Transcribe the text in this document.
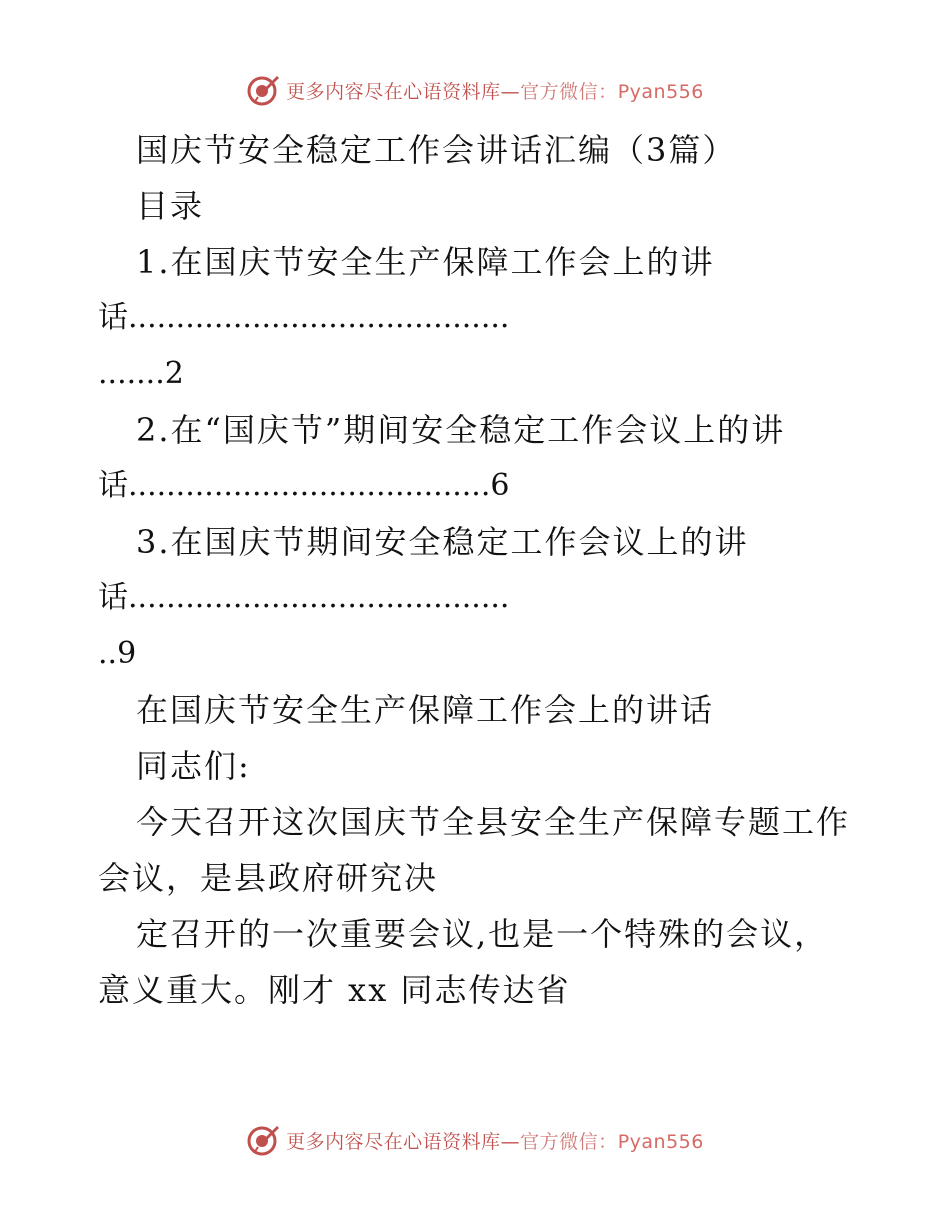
更多内容尽在心语资料库—官方微信：Pyan556
国庆节安全稳定工作会讲话汇编（3篇）
目录
1.在国庆节安全生产保障工作会上的讲
话........................................
.......2
2.在“国庆节”期间安全稳定工作会议上的讲
话......................................6
3.在国庆节期间安全稳定工作会议上的讲
话........................................
..9
在国庆节安全生产保障工作会上的讲话
同志们:
今天召开这次国庆节全县安全生产保障专题工作
会议，是县政府研究决
定召开的一次重要会议,也是一个特殊的会议，
意义重大。刚才 xx 同志传达省
更多内容尽在心语资料库—官方微信：Pyan556
